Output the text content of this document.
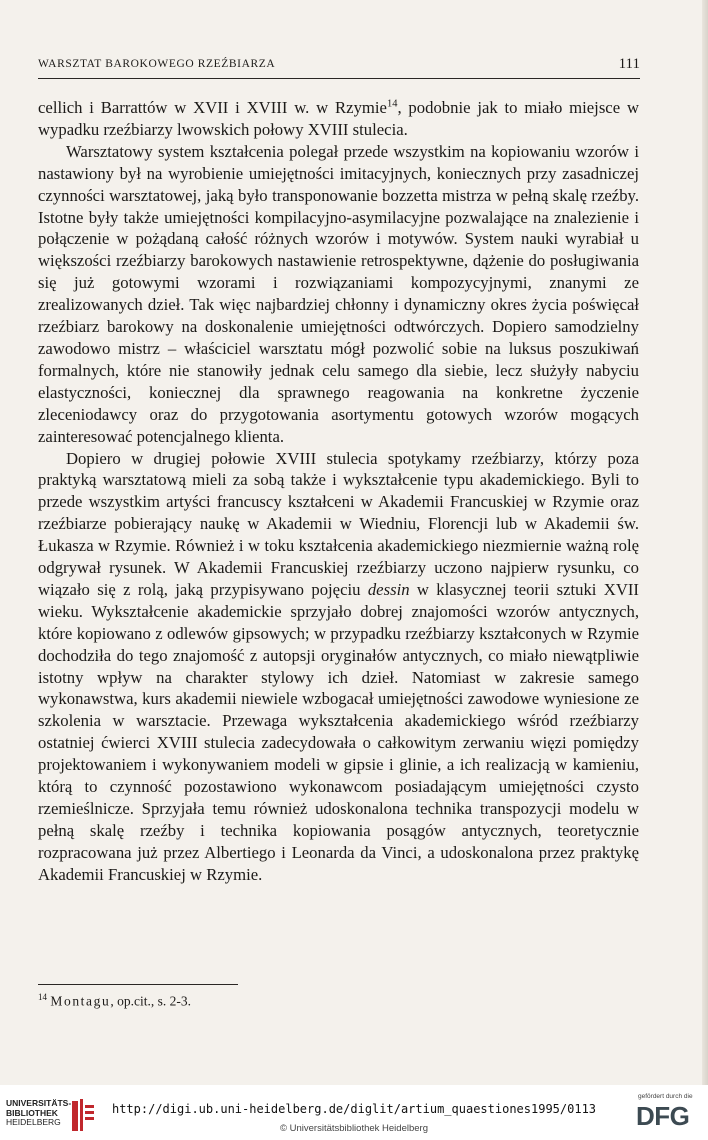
WARSZTAT BAROKOWEGO RZEŹBIARZA	111

cellich i Barrattów w XVII i XVIII w. w Rzymie$^{14}$, podobnie jak to miało miejsce w wypadku rzeźbiarzy lwowskich połowy XVIII stulecia.

Warsztatowy system kształcenia polegał przede wszystkim na kopiowaniu wzorów i nastawiony był na wyrobienie umiejętności imitacyjnych, koniecznych przy zasadniczej czynności warsztatowej, jaką było transponowanie bozzetta mistrza w pełną skalę rzeźby. Istotne były także umiejętności kompilacyjno-asymilacyjne pozwalające na znalezienie i połączenie w pożądaną całość różnych wzorów i motywów. System nauki wyrabiał u większości rzeźbiarzy barokowych nastawienie retrospektywne, dążenie do posługiwania się już gotowymi wzorami i rozwiązaniami kompozycyjnymi, znanymi ze zrealizowanych dzieł. Tak więc najbardziej chłonny i dynamiczny okres życia poświęcał rzeźbiarz barokowy na doskonalenie umiejętności odtwórczych. Dopiero samodzielny zawodowo mistrz – właściciel warsztatu mógł pozwolić sobie na luksus poszukiwań formalnych, które nie stanowiły jednak celu samego dla siebie, lecz służyły nabyciu elastyczności, koniecznej dla sprawnego reagowania na konkretne życzenie zleceniodawcy oraz do przygotowania asortymentu gotowych wzorów mogących zainteresować potencjalnego klienta.

Dopiero w drugiej połowie XVIII stulecia spotykamy rzeźbiarzy, którzy poza praktyką warsztatową mieli za sobą także i wykształcenie typu akademickiego. Byli to przede wszystkim artyści francuscy kształceni w Akademii Francuskiej w Rzymie oraz rzeźbiarze pobierający naukę w Akademii w Wiedniu, Florencji lub w Akademii św. Łukasza w Rzymie. Również i w toku kształcenia akademickiego niezmiernie ważną rolę odgrywał rysunek. W Akademii Francuskiej rzeźbiarzy uczono najpierw rysunku, co wiązało się z rolą, jaką przypisywano pojęciu dessin w klasycznej teorii sztuki XVII wieku. Wykształcenie akademickie sprzyjało dobrej znajomości wzorów antycznych, które kopiowano z odlewów gipsowych; w przypadku rzeźbiarzy kształconych w Rzymie dochodziła do tego znajomość z autopsji oryginałów antycznych, co miało niewątpliwie istotny wpływ na charakter stylowy ich dzieł. Natomiast w zakresie samego wykonawstwa, kurs akademii niewiele wzbogacał umiejętności zawodowe wyniesione ze szkolenia w warsztacie. Przewaga wykształcenia akademickiego wśród rzeźbiarzy ostatniej ćwierci XVIII stulecia zadecydowała o całkowitym zerwaniu więzi pomiędzy projektowaniem i wykonywaniem modeli w gipsie i glinie, a ich realizacją w kamieniu, którą to czynność pozostawiono wykonawcom posiadającym umiejętności czysto rzemieślnicze. Sprzyjała temu również udoskonalona technika transpozycji modelu w pełną skalę rzeźby i technika kopiowania posągów antycznych, teoretycznie rozpracowana już przez Albertiego i Leonarda da Vinci, a udoskonalona przez praktykę Akademii Francuskiej w Rzymie.

$^{14}$ Montagu, op.cit., s. 2-3.
UNIVERSITÄTS-
BIBLIOTHEK
HEIDELBERG
http://digi.ub.uni-heidelberg.de/diglit/artium_quaestiones1995/0113
© Universitätsbibliothek Heidelberg
gefördert durch die
DFG
